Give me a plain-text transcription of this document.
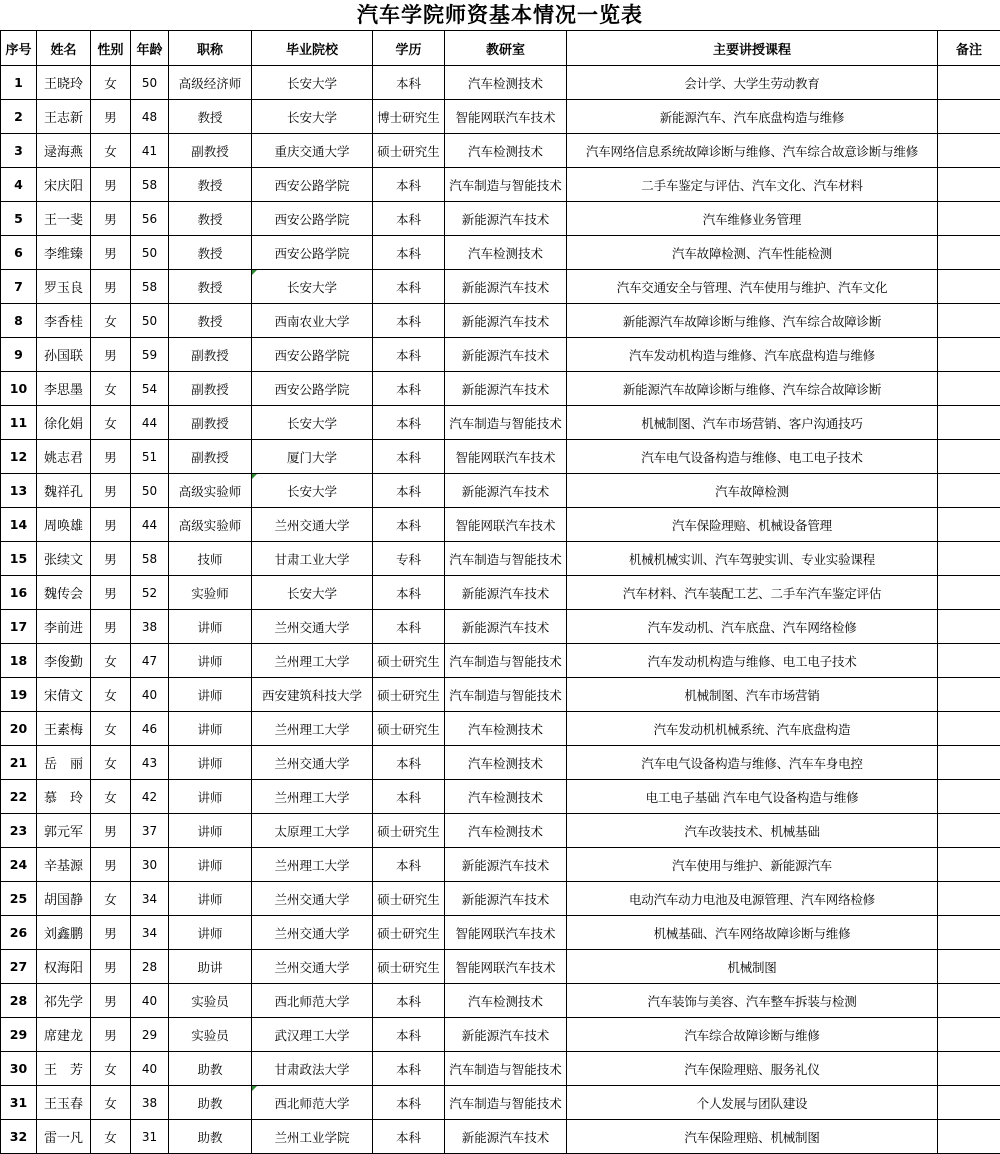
汽车学院师资基本情况一览表
序号	姓名	性别	年龄	职称	毕业院校	学历	教研室	主要讲授课程	备注
1	王晓玲	女	50	高级经济师	长安大学	本科	汽车检测技术	会计学、大学生劳动教育	
2	王志新	男	48	教授	长安大学	博士研究生	智能网联汽车技术	新能源汽车、汽车底盘构造与维修	
3	逯海燕	女	41	副教授	重庆交通大学	硕士研究生	汽车检测技术	汽车网络信息系统故障诊断与维修、汽车综合故意诊断与维修	
4	宋庆阳	男	58	教授	西安公路学院	本科	汽车制造与智能技术	二手车鉴定与评估、汽车文化、汽车材料	
5	王一斐	男	56	教授	西安公路学院	本科	新能源汽车技术	汽车维修业务管理	
6	李维臻	男	50	教授	西安公路学院	本科	汽车检测技术	汽车故障检测、汽车性能检测	
7	罗玉良	男	58	教授	长安大学	本科	新能源汽车技术	汽车交通安全与管理、汽车使用与维护、汽车文化	
8	李香桂	女	50	教授	西南农业大学	本科	新能源汽车技术	新能源汽车故障诊断与维修、汽车综合故障诊断	
9	孙国联	男	59	副教授	西安公路学院	本科	新能源汽车技术	汽车发动机构造与维修、汽车底盘构造与维修	
10	李思墨	女	54	副教授	西安公路学院	本科	新能源汽车技术	新能源汽车故障诊断与维修、汽车综合故障诊断	
11	徐化娟	女	44	副教授	长安大学	本科	汽车制造与智能技术	机械制图、汽车市场营销、客户沟通技巧	
12	姚志君	男	51	副教授	厦门大学	本科	智能网联汽车技术	汽车电气设备构造与维修、电工电子技术	
13	魏祥孔	男	50	高级实验师	长安大学	本科	新能源汽车技术	汽车故障检测	
14	周唤雄	男	44	高级实验师	兰州交通大学	本科	智能网联汽车技术	汽车保险理赔、机械设备管理	
15	张续文	男	58	技师	甘肃工业大学	专科	汽车制造与智能技术	机械机械实训、汽车驾驶实训、专业实验课程	
16	魏传会	男	52	实验师	长安大学	本科	新能源汽车技术	汽车材料、汽车装配工艺、二手车汽车鉴定评估	
17	李前进	男	38	讲师	兰州交通大学	本科	新能源汽车技术	汽车发动机、汽车底盘、汽车网络检修	
18	李俊勤	女	47	讲师	兰州理工大学	硕士研究生	汽车制造与智能技术	汽车发动机构造与维修、电工电子技术	
19	宋倩文	女	40	讲师	西安建筑科技大学	硕士研究生	汽车制造与智能技术	机械制图、汽车市场营销	
20	王素梅	女	46	讲师	兰州理工大学	硕士研究生	汽车检测技术	汽车发动机机械系统、汽车底盘构造	
21	岳　丽	女	43	讲师	兰州交通大学	本科	汽车检测技术	汽车电气设备构造与维修、汽车车身电控	
22	慕　玲	女	42	讲师	兰州理工大学	本科	汽车检测技术	电工电子基础 汽车电气设备构造与维修	
23	郭元军	男	37	讲师	太原理工大学	硕士研究生	汽车检测技术	汽车改装技术、机械基础	
24	辛基源	男	30	讲师	兰州理工大学	本科	新能源汽车技术	汽车使用与维护、新能源汽车	
25	胡国静	女	34	讲师	兰州交通大学	硕士研究生	新能源汽车技术	电动汽车动力电池及电源管理、汽车网络检修	
26	刘鑫鹏	男	34	讲师	兰州交通大学	硕士研究生	智能网联汽车技术	机械基础、汽车网络故障诊断与维修	
27	权海阳	男	28	助讲	兰州交通大学	硕士研究生	智能网联汽车技术	机械制图	
28	祁先学	男	40	实验员	西北师范大学	本科	汽车检测技术	汽车装饰与美容、汽车整车拆装与检测	
29	席建龙	男	29	实验员	武汉理工大学	本科	新能源汽车技术	汽车综合故障诊断与维修	
30	王　芳	女	40	助教	甘肃政法大学	本科	汽车制造与智能技术	汽车保险理赔、服务礼仪	
31	王玉春	女	38	助教	西北师范大学	本科	汽车制造与智能技术	个人发展与团队建设	
32	雷一凡	女	31	助教	兰州工业学院	本科	新能源汽车技术	汽车保险理赔、机械制图	
